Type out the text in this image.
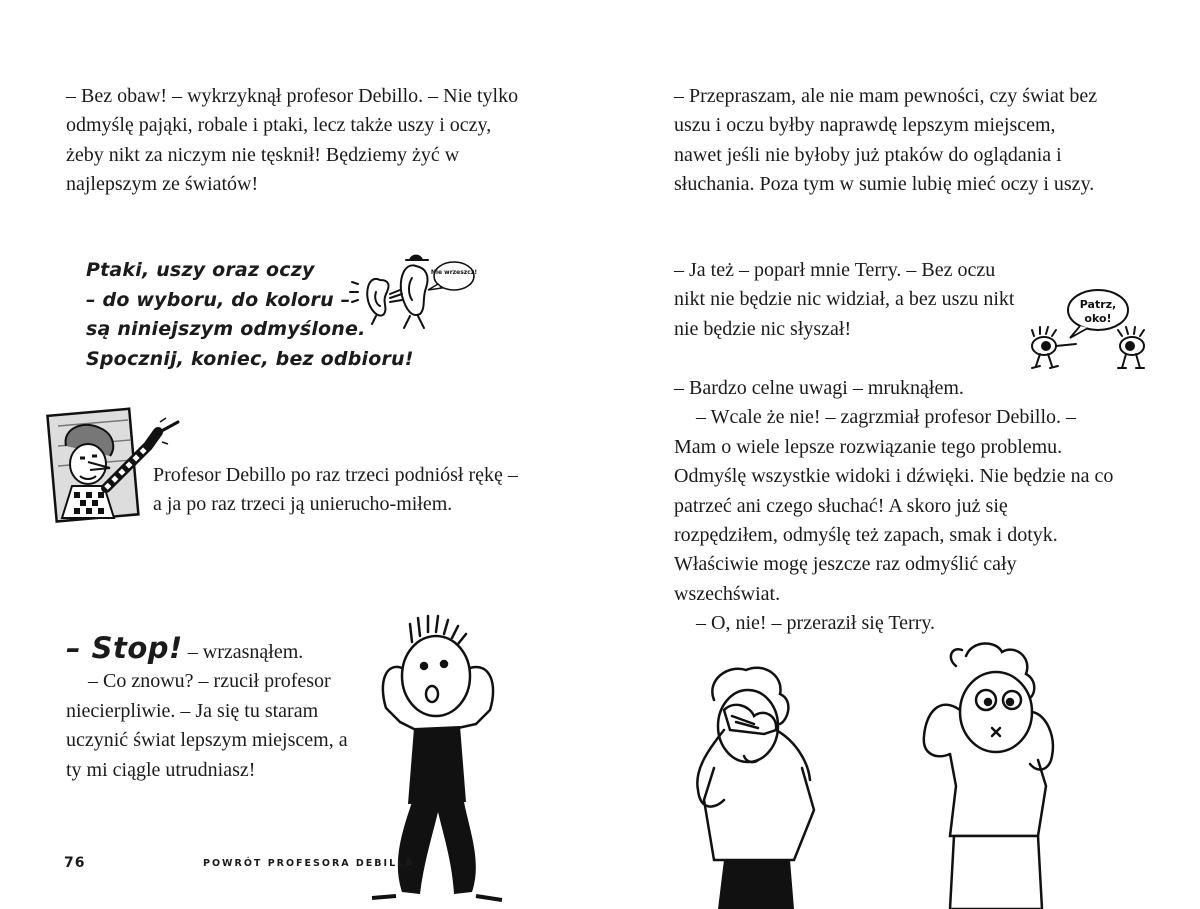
– Bez obaw! – wykrzyknął profesor Debillo. – Nie tylko odmyślę pająki, robale i ptaki, lecz także uszy i oczy, żeby nikt za niczym nie tęsknił! Będziemy żyć w najlepszym ze światów!

Ptaki, uszy oraz oczy

– do wyboru, do koloru –

są niniejszym odmyślone.

Spocznij, koniec, bez odbioru!

Nie wrzeszcz!

Profesor Debillo po raz trzeci podniósł rękę – a ja po raz trzeci ją unierucho-miłem.

– Stop! – wrzasnąłem.

– Co znowu? – rzucił profesor niecierpliwie. – Ja się tu staram uczynić świat lepszym miejscem, a ty mi ciągle utrudniasz!

76	POWRÓT PROFESORA DEBILLA

– Przepraszam, ale nie mam pewności, czy świat bez uszu i oczu byłby naprawdę lepszym miejscem, nawet jeśli nie byłoby już ptaków do oglądania i słuchania. Poza tym w sumie lubię mieć oczy i uszy.

– Ja też – poparł mnie Terry. – Bez oczu nikt nie będzie nic widział, a bez uszu nikt nie będzie nic słyszał!

Patrz,
oko!

– Bardzo celne uwagi – mruknąłem.

– Wcale że nie! – zagrzmiał profesor Debillo. – Mam o wiele lepsze rozwiązanie tego problemu. Odmyślę wszystkie widoki i dźwięki. Nie będzie na co patrzeć ani czego słuchać! A skoro już się rozpędziłem, odmyślę też zapach, smak i dotyk. Właściwie mogę jeszcze raz odmyślić cały wszechświat.

– O, nie! – przeraził się Terry.
